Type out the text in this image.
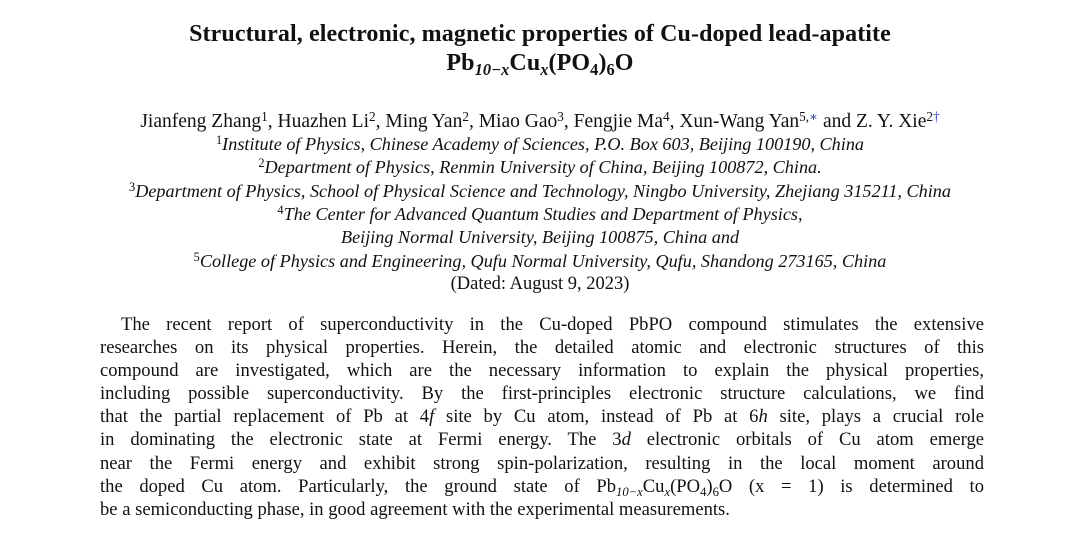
Structural, electronic, magnetic properties of Cu-doped lead-apatite
$Pb_{10-x}Cu_x(PO_4)_6O$
Jianfeng Zhang$^1$, Huazhen Li$^2$, Ming Yan$^2$, Miao Gao$^3$, Fengjie Ma$^4$, Xun-Wang Yan$^{5,∗}$ and Z. Y. Xie$^{2\dagger}$
$^1$Institute of Physics, Chinese Academy of Sciences, P.O. Box 603, Beijing 100190, China
$^2$Department of Physics, Renmin University of China, Beijing 100872, China.
$^3$Department of Physics, School of Physical Science and Technology, Ningbo University, Zhejiang 315211, China
$^4$The Center for Advanced Quantum Studies and Department of Physics,
Beijing Normal University, Beijing 100875, China and
$^5$College of Physics and Engineering, Qufu Normal University, Qufu, Shandong 273165, China
(Dated: August 9, 2023)
The recent report of superconductivity in the Cu-doped PbPO compound stimulates the extensive
researches on its physical properties. Herein, the detailed atomic and electronic structures of this
compound are investigated, which are the necessary information to explain the physical properties,
including possible superconductivity. By the first-principles electronic structure calculations, we find
that the partial replacement of Pb at 4f site by Cu atom, instead of Pb at 6h site, plays a crucial role
in dominating the electronic state at Fermi energy. The 3d electronic orbitals of Cu atom emerge
near the Fermi energy and exhibit strong spin-polarization, resulting in the local moment around
the doped Cu atom. Particularly, the ground state of $Pb_{10-x}Cu_x(PO_4)_6O$ (x = 1) is determined to
be a semiconducting phase, in good agreement with the experimental measurements.
